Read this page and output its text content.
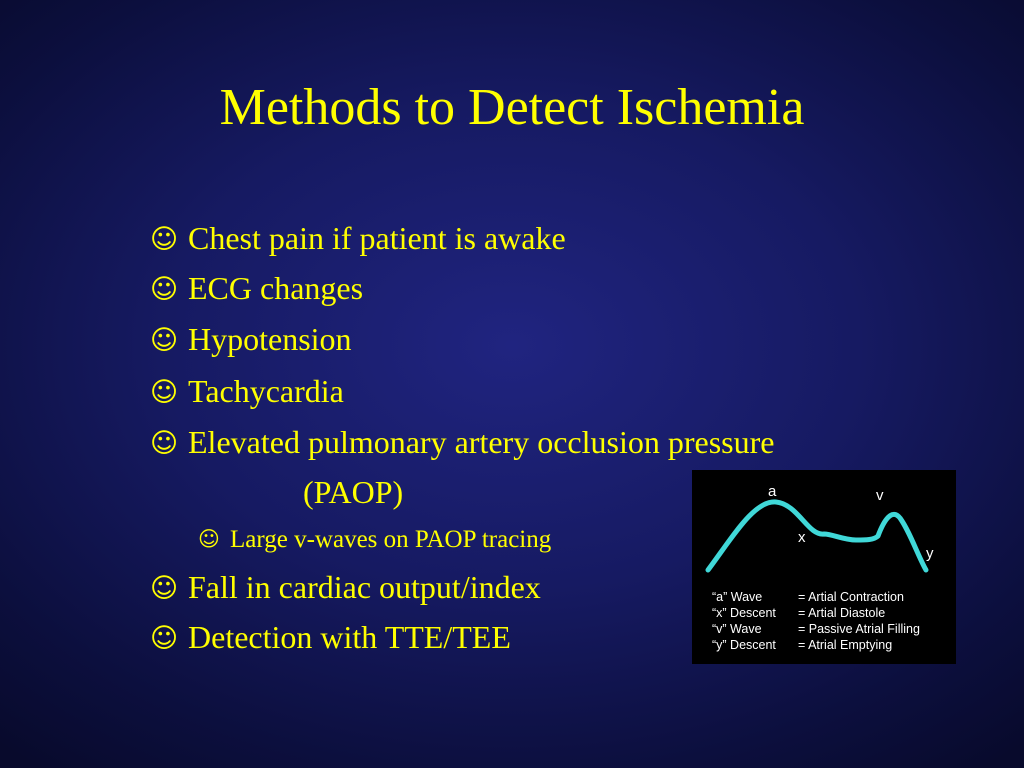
Methods to Detect Ischemia
☺ Chest pain if patient is awake
☺ ECG changes
☺ Hypotension
☺ Tachycardia
☺ Elevated pulmonary artery occlusion pressure
(PAOP)
☺ Large v-waves on PAOP tracing
☺ Fall in cardiac output/index
☺ Detection with TTE/TEE
a	v
x
y
“a” Wave	= Artial Contraction
“x” Descent = Artial Diastole
“v” Wave	= Passive Atrial Filling
“y” Descent = Atrial Emptying
